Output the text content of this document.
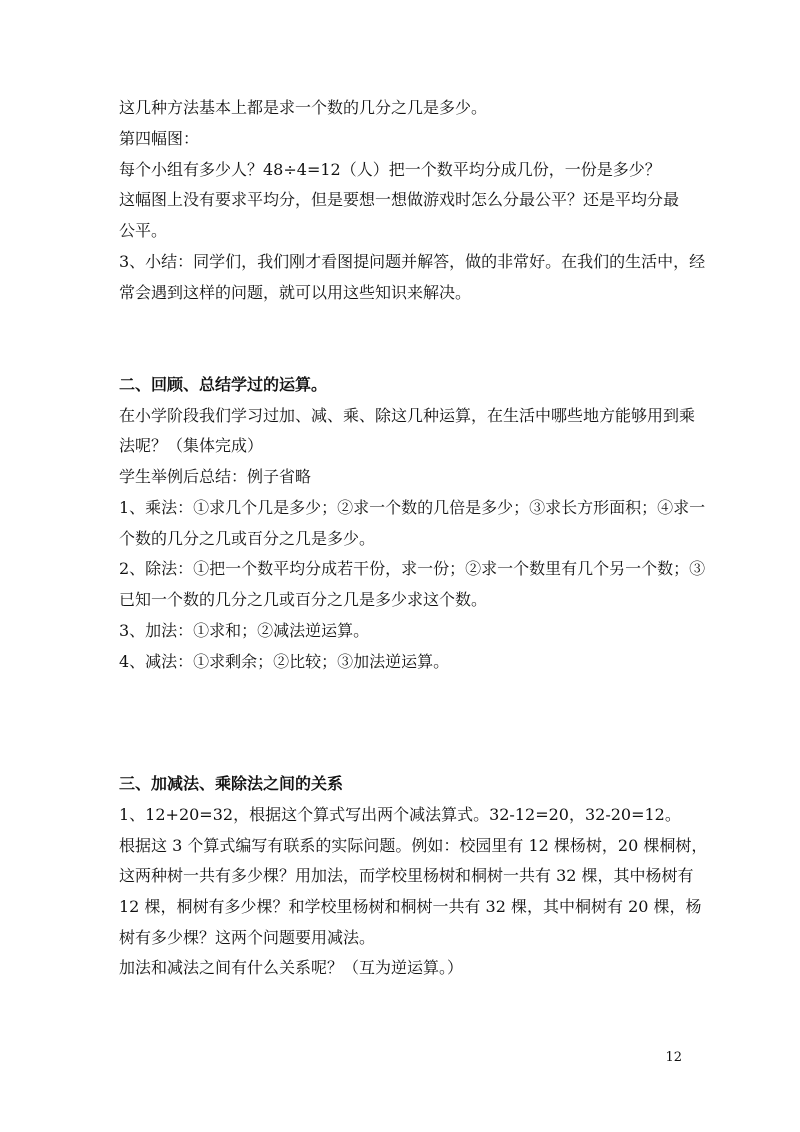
这几种方法基本上都是求一个数的几分之几是多少。
第四幅图：
每个小组有多少人？48÷4=12（人）把一个数平均分成几份，一份是多少？
这幅图上没有要求平均分，但是要想一想做游戏时怎么分最公平？还是平均分最
公平。
3、小结：同学们，我们刚才看图提问题并解答，做的非常好。在我们的生活中，经
常会遇到这样的问题，就可以用这些知识来解决。
二、回顾、总结学过的运算。
在小学阶段我们学习过加、减、乘、除这几种运算，在生活中哪些地方能够用到乘
法呢？（集体完成）
学生举例后总结：例子省略
1、乘法：①求几个几是多少；②求一个数的几倍是多少；③求长方形面积；④求一
个数的几分之几或百分之几是多少。
2、除法：①把一个数平均分成若干份，求一份；②求一个数里有几个另一个数；③
已知一个数的几分之几或百分之几是多少求这个数。
3、加法：①求和；②减法逆运算。
4、减法：①求剩余；②比较；③加法逆运算。
三、加减法、乘除法之间的关系
1、12+20=32，根据这个算式写出两个减法算式。32-12=20，32-20=12。
根据这 3 个算式编写有联系的实际问题。例如：校园里有 12 棵杨树，20 棵桐树，
这两种树一共有多少棵？用加法，而学校里杨树和桐树一共有 32 棵，其中杨树有
12 棵，桐树有多少棵？和学校里杨树和桐树一共有 32 棵，其中桐树有 20 棵，杨
树有多少棵？这两个问题要用减法。
加法和减法之间有什么关系呢？（互为逆运算。）
12
